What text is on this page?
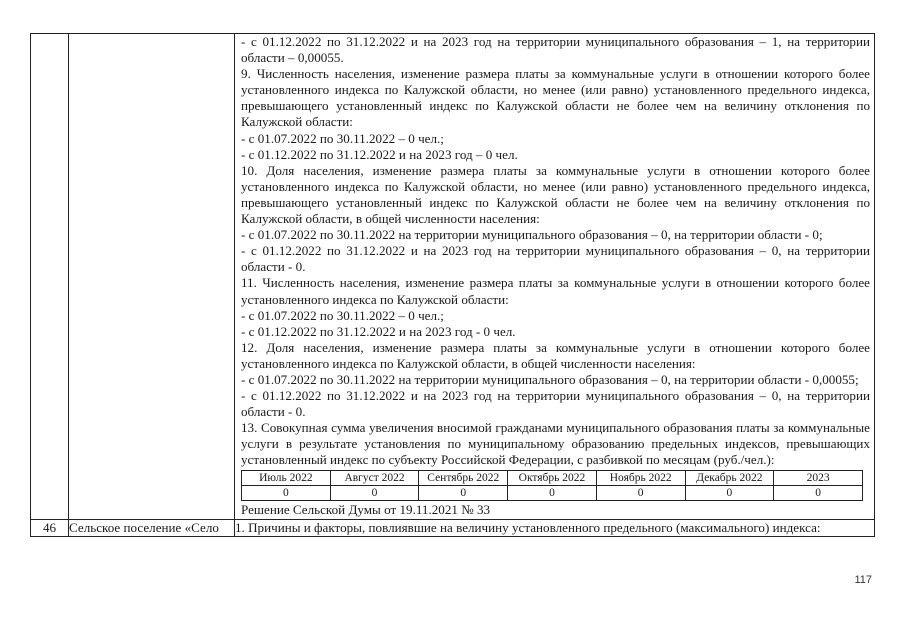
- с 01.12.2022 по 31.12.2022 и на 2023 год на территории муниципального образования – 1, на территории области – 0,00055.

9. Численность населения, изменение размера платы за коммунальные услуги в отношении которого более установленного индекса по Калужской области, но менее (или равно) установленного предельного индекса, превышающего установленный индекс по Калужской области не более чем на величину отклонения по Калужской области:

- с 01.07.2022 по 30.11.2022 – 0 чел.;

- с 01.12.2022 по 31.12.2022 и на 2023 год – 0 чел.

10. Доля населения, изменение размера платы за коммунальные услуги в отношении которого более установленного индекса по Калужской области, но менее (или равно) установленного предельного индекса, превышающего установленный индекс по Калужской области не более чем на величину отклонения по Калужской области, в общей численности населения:

- с 01.07.2022 по 30.11.2022 на территории муниципального образования – 0, на территории области - 0;

- с 01.12.2022 по 31.12.2022 и на 2023 год на территории муниципального образования – 0, на территории области - 0.

11. Численность населения, изменение размера платы за коммунальные услуги в отношении которого более установленного индекса по Калужской области:

- с 01.07.2022 по 30.11.2022 – 0 чел.;

- с 01.12.2022 по 31.12.2022 и на 2023 год - 0 чел.

12. Доля населения, изменение размера платы за коммунальные услуги в отношении которого более установленного индекса по Калужской области, в общей численности населения:

- с 01.07.2022 по 30.11.2022 на территории муниципального образования – 0, на территории области - 0,00055;

- с 01.12.2022 по 31.12.2022 и на 2023 год на территории муниципального образования – 0, на территории области - 0.

13. Совокупная сумма увеличения вносимой гражданами муниципального образования платы за коммунальные услуги в результате установления по муниципальному образованию предельных индексов, превышающих установленный индекс по субъекту Российской Федерации, с разбивкой по месяцам (руб./чел.):

Июль 2022	Август 2022	Сентябрь 2022	Октябрь 2022	Ноябрь 2022	Декабрь 2022	2023
0	0	0	0	0	0	0

Решение Сельской Думы от 19.11.2021 № 33

46	Сельское поселение «Село	1. Причины и факторы, повлиявшие на величину установленного предельного (максимального) индекса:
117
